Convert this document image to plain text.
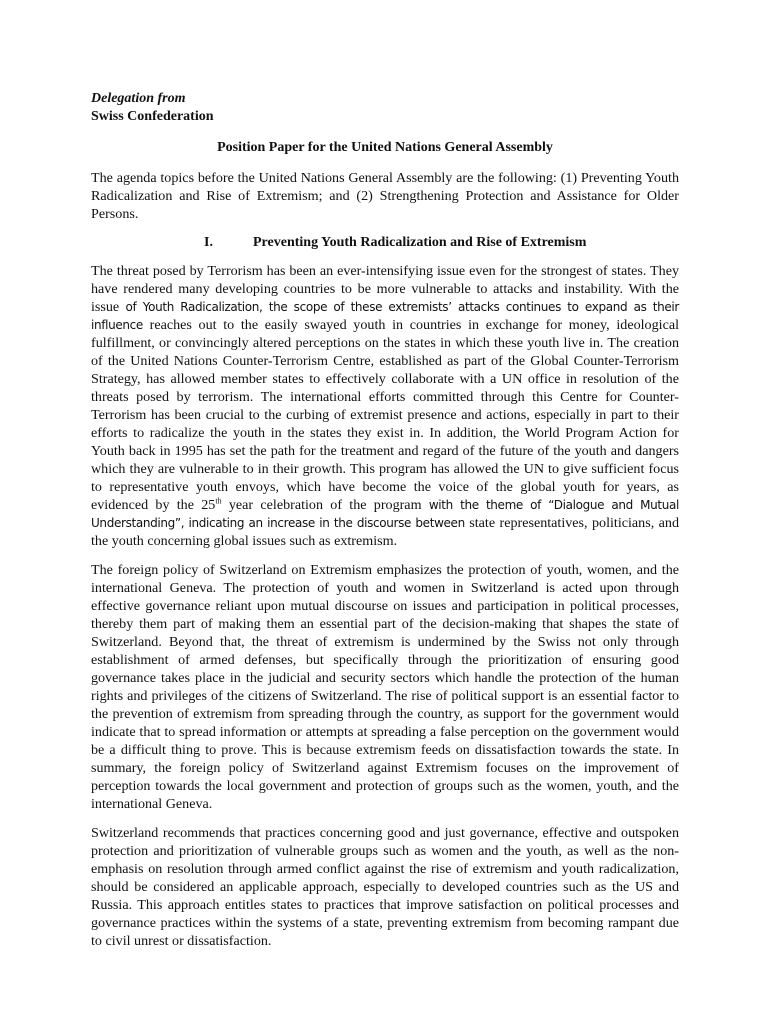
Delegation from
Swiss Confederation
Position Paper for the United Nations General Assembly

The agenda topics before the United Nations General Assembly are the following: (1) Preventing Youth Radicalization and Rise of Extremism; and (2) Strengthening Protection and Assistance for Older Persons.

I.	Preventing Youth Radicalization and Rise of Extremism

The threat posed by Terrorism has been an ever-intensifying issue even for the strongest of states. They have rendered many developing countries to be more vulnerable to attacks and instability. With the issue of Youth Radicalization, the scope of these extremists’ attacks continues to expand as their influence reaches out to the easily swayed youth in countries in exchange for money, ideological fulfillment, or convincingly altered perceptions on the states in which these youth live in. The creation of the United Nations Counter-Terrorism Centre, established as part of the Global Counter-Terrorism Strategy, has allowed member states to effectively collaborate with a UN office in resolution of the threats posed by terrorism. The international efforts committed through this Centre for Counter-Terrorism has been crucial to the curbing of extremist presence and actions, especially in part to their efforts to radicalize the youth in the states they exist in. In addition, the World Program Action for Youth back in 1995 has set the path for the treatment and regard of the future of the youth and dangers which they are vulnerable to in their growth. This program has allowed the UN to give sufficient focus to representative youth envoys, which have become the voice of the global youth for years, as evidenced by the 25th year celebration of the program with the theme of “Dialogue and Mutual Understanding”, indicating an increase in the discourse between state representatives, politicians, and the youth concerning global issues such as extremism.

The foreign policy of Switzerland on Extremism emphasizes the protection of youth, women, and the international Geneva. The protection of youth and women in Switzerland is acted upon through effective governance reliant upon mutual discourse on issues and participation in political processes, thereby them part of making them an essential part of the decision-making that shapes the state of Switzerland. Beyond that, the threat of extremism is undermined by the Swiss not only through establishment of armed defenses, but specifically through the prioritization of ensuring good governance takes place in the judicial and security sectors which handle the protection of the human rights and privileges of the citizens of Switzerland. The rise of political support is an essential factor to the prevention of extremism from spreading through the country, as support for the government would indicate that to spread information or attempts at spreading a false perception on the government would be a difficult thing to prove. This is because extremism feeds on dissatisfaction towards the state. In summary, the foreign policy of Switzerland against Extremism focuses on the improvement of perception towards the local government and protection of groups such as the women, youth, and the international Geneva.

Switzerland recommends that practices concerning good and just governance, effective and outspoken protection and prioritization of vulnerable groups such as women and the youth, as well as the non-emphasis on resolution through armed conflict against the rise of extremism and youth radicalization, should be considered an applicable approach, especially to developed countries such as the US and Russia. This approach entitles states to practices that improve satisfaction on political processes and governance practices within the systems of a state, preventing extremism from becoming rampant due to civil unrest or dissatisfaction.
